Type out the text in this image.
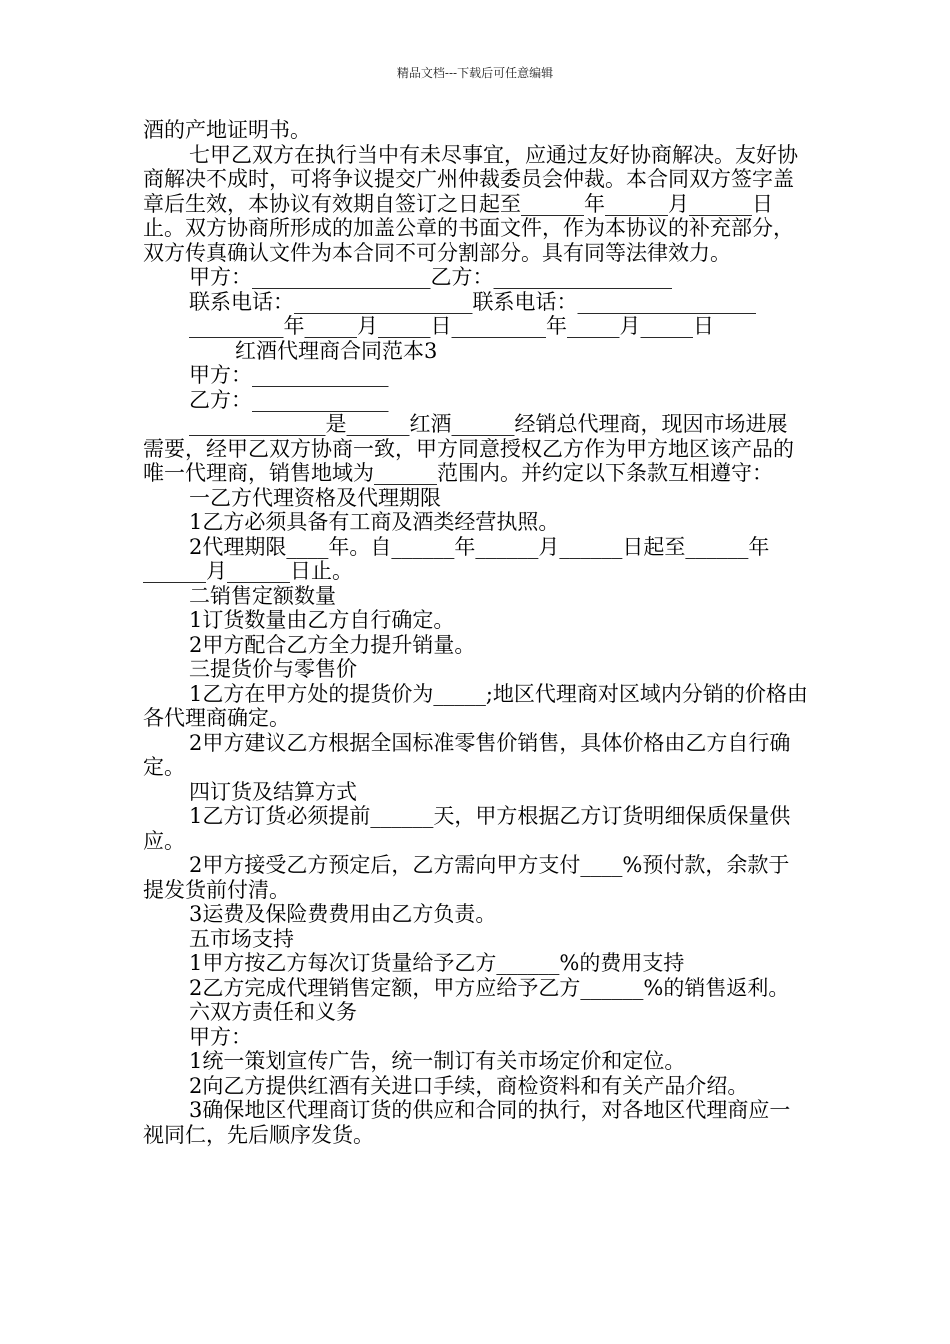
精品文档---下载后可任意编辑

酒的产地证明书。

七甲乙双方在执行当中有未尽事宜，应通过友好协商解决。友好协商解决不成时，可将争议提交广州仲裁委员会仲裁。本合同双方签字盖章后生效，本协议有效期自签订之日起至______年______月______日止。双方协商所形成的加盖公章的书面文件，作为本协议的补充部分，双方传真确认文件为本合同不可分割部分。具有同等法律效力。

甲方：_________________乙方：_________________

联系电话：_________________联系电话：_________________

_________年_____月_____日_________年_____月_____日

红酒代理商合同范本3

甲方：_____________

乙方：_____________

_____________是______红酒______经销总代理商，现因市场进展需要，经甲乙双方协商一致，甲方同意授权乙方作为甲方地区该产品的唯一代理商，销售地域为______范围内。并约定以下条款互相遵守：

一乙方代理资格及代理期限

1乙方必须具备有工商及酒类经营执照。

2代理期限____年。自______年______月______日起至______年______月______日止。

二销售定额数量

1订货数量由乙方自行确定。

2甲方配合乙方全力提升销量。

三提货价与零售价

1乙方在甲方处的提货价为_____;地区代理商对区域内分销的价格由各代理商确定。

2甲方建议乙方根据全国标准零售价销售，具体价格由乙方自行确定。

四订货及结算方式

1乙方订货必须提前______天，甲方根据乙方订货明细保质保量供应。

2甲方接受乙方预定后，乙方需向甲方支付____%预付款，余款于提发货前付清。

3运费及保险费费用由乙方负责。

五市场支持

1甲方按乙方每次订货量给予乙方______%的费用支持

2乙方完成代理销售定额，甲方应给予乙方______%的销售返利。

六双方责任和义务

甲方：

1统一策划宣传广告，统一制订有关市场定价和定位。

2向乙方提供红酒有关进口手续，商检资料和有关产品介绍。

3确保地区代理商订货的供应和合同的执行，对各地区代理商应一视同仁，先后顺序发货。
